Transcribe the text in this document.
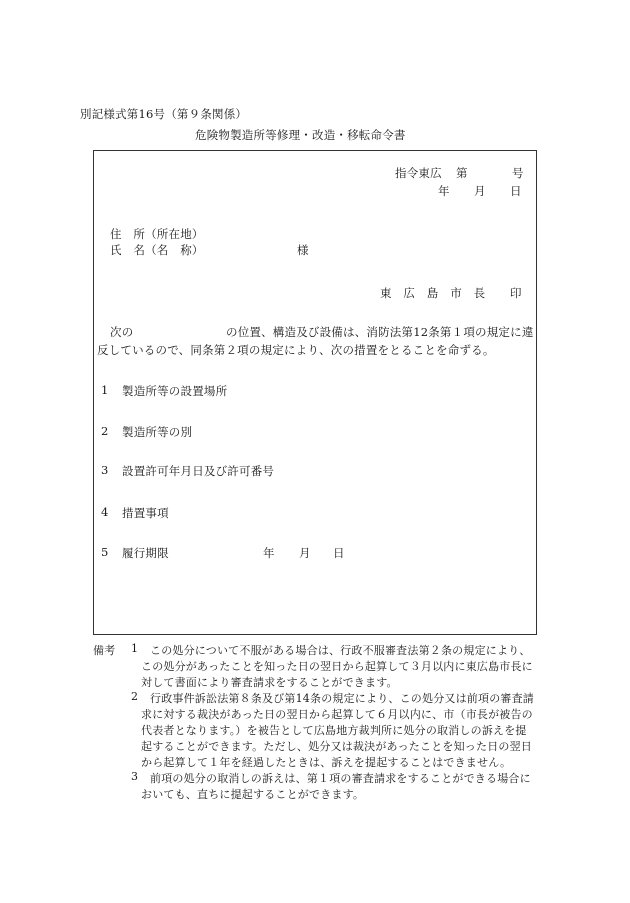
別記様式第16号（第９条関係）
危険物製造所等修理・改造・移転命令書
指令東広 第	号
年 月 日
住　所（所在地）
氏　名（名　称）	様
東　広　島　市　長 印
次の	の位置、構造及び設備は、消防法第12条第１項の規定に違
反しているので、同条第２項の規定により、次の措置をとることを命ずる。
1 製造所等の設置場所
2 製造所等の別
3 設置許可年月日及び許可番号
4 措置事項
5 履行期限	年 月 日
備考 1 この処分について不服がある場合は、行政不服審査法第２条の規定により、
この処分があったことを知った日の翌日から起算して３月以内に東広島市長に
対して書面により審査請求をすることができます。
2 行政事件訴訟法第８条及び第14条の規定により、この処分又は前項の審査請
求に対する裁決があった日の翌日から起算して６月以内に、市（市長が被告の
代表者となります。）を被告として広島地方裁判所に処分の取消しの訴えを提
起することができます。ただし、処分又は裁決があったことを知った日の翌日
から起算して１年を経過したときは、訴えを提起することはできません。
3 前項の処分の取消しの訴えは、第１項の審査請求をすることができる場合に
おいても、直ちに提起することができます。
